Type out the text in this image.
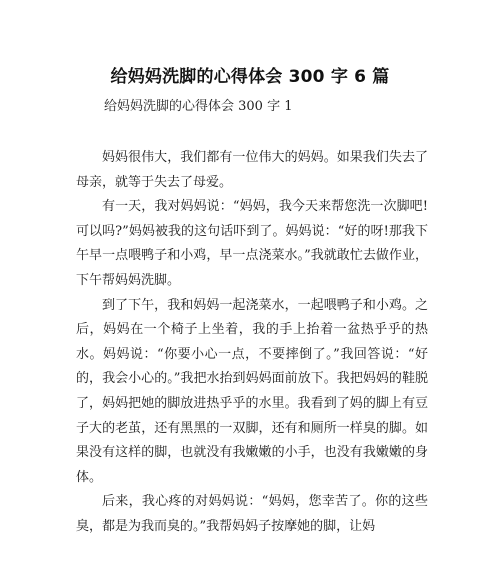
给妈妈洗脚的心得体会 300 字 6 篇
给妈妈洗脚的心得体会 300 字 1

妈妈很伟大，我们都有一位伟大的妈妈。如果我们失去了母亲，就等于失去了母爱。

有一天，我对妈妈说：“妈妈，我今天来帮您洗一次脚吧!可以吗?”妈妈被我的这句话吓到了。妈妈说：“好的呀!那我下午早一点喂鸭子和小鸡，早一点浇菜水。”我就敢忙去做作业，下午帮妈妈洗脚。

到了下午，我和妈妈一起浇菜水，一起喂鸭子和小鸡。之后，妈妈在一个椅子上坐着，我的手上抬着一盆热乎乎的热水。妈妈说：“你要小心一点，不要摔倒了。”我回答说：“好的，我会小心的。”我把水抬到妈妈面前放下。我把妈妈的鞋脱了，妈妈把她的脚放进热乎乎的水里。我看到了妈的脚上有豆子大的老茧，还有黑黑的一双脚，还有和厕所一样臭的脚。如果没有这样的脚，也就没有我嫩嫩的小手，也没有我嫩嫩的身体。

后来，我心疼的对妈妈说：“妈妈，您幸苦了。你的这些臭，都是为我而臭的。”我帮妈妈子按摩她的脚，让妈
